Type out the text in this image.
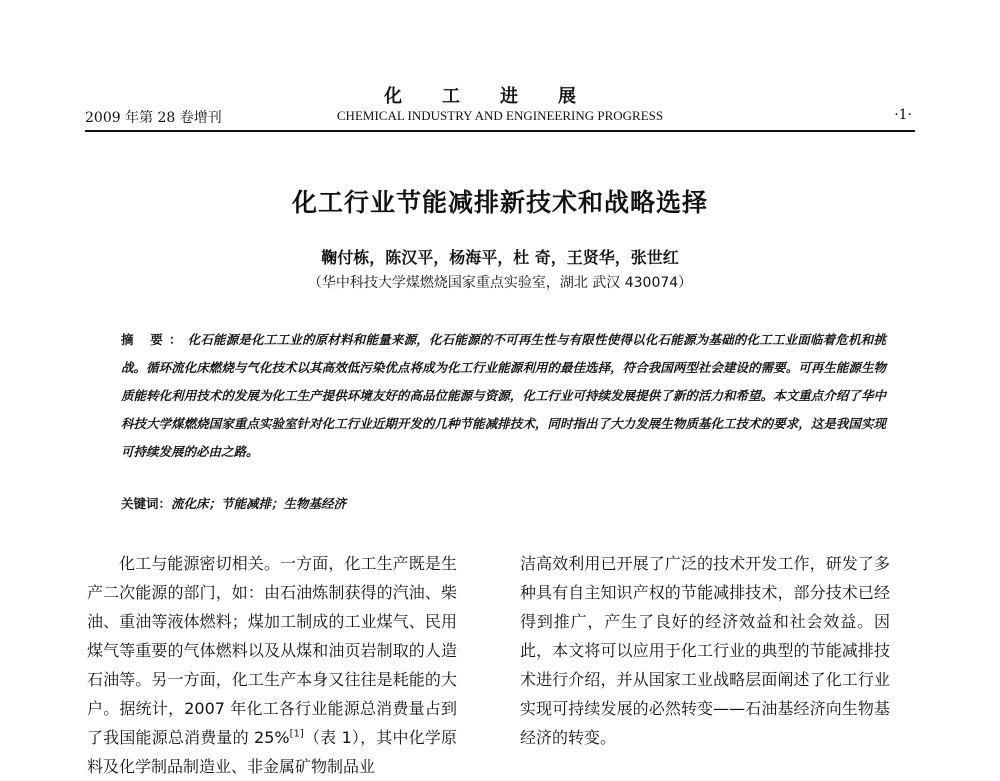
化工进展
2009 年第 28 卷增刊	CHEMICAL INDUSTRY AND ENGINEERING PROGRESS	·1·
化工行业节能减排新技术和战略选择
鞠付栋，陈汉平，杨海平，杜 奇，王贤华，张世红
（华中科技大学煤燃烧国家重点实验室，湖北 武汉 430074）
摘 要：化石能源是化工工业的原材料和能量来源，化石能源的不可再生性与有限性使得以化石能源为基础的化工工业面临着危机和挑战。循环流化床燃烧与气化技术以其高效低污染优点将成为化工行业能源利用的最佳选择，符合我国两型社会建设的需要。可再生能源生物质能转化利用技术的发展为化工生产提供环境友好的高品位能源与资源，化工行业可持续发展提供了新的活力和希望。本文重点介绍了华中科技大学煤燃烧国家重点实验室针对化工行业近期开发的几种节能减排技术，同时指出了大力发展生物质基化工技术的要求，这是我国实现可持续发展的必由之路。
关键词：流化床；节能减排；生物基经济
化工与能源密切相关。一方面，化工生产既是生产二次能源的部门，如：由石油炼制获得的汽油、柴油、重油等液体燃料；煤加工制成的工业煤气、民用煤气等重要的气体燃料以及从煤和油页岩制取的人造石油等。另一方面，化工生产本身又往往是耗能的大户。据统计，2007 年化工各行业能源总消费量占到了我国能源总消费量的 25%[1]（表 1），其中化学原料及化学制品制造业、非金属矿物制品业
洁高效利用已开展了广泛的技术开发工作，研发了多种具有自主知识产权的节能减排技术，部分技术已经得到推广，产生了良好的经济效益和社会效益。因此，本文将可以应用于化工行业的典型的节能减排技术进行介绍，并从国家工业战略层面阐述了化工行业实现可持续发展的必然转变——石油基经济向生物基经济的转变。
